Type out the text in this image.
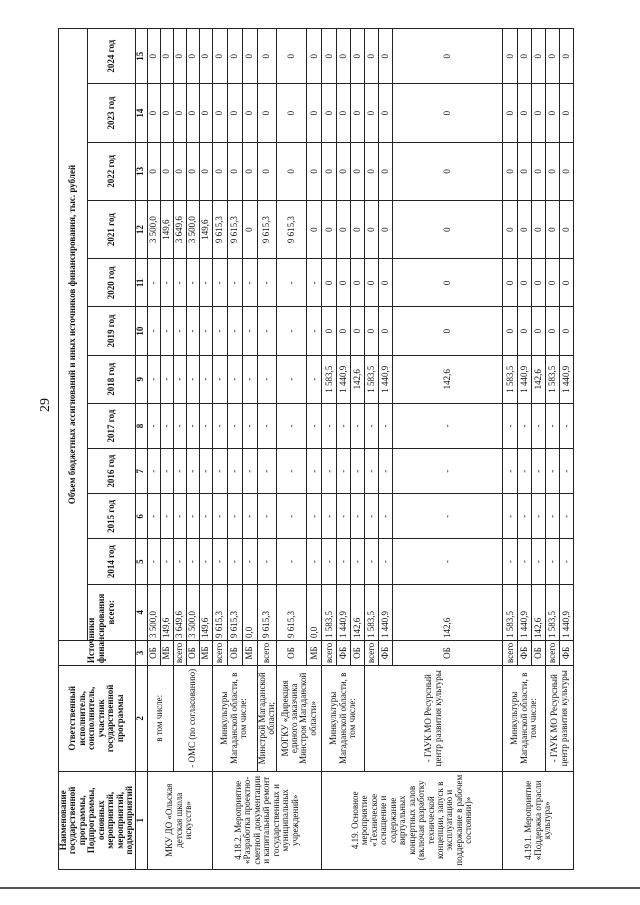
29
Наименование государственной программы, Подпрограммы, основных мероприятий, мероприятий, подмероприятий	Ответственный исполнитель, соисполнитель, участник государственной программы	Источники финансирования	Объем бюджетных ассигнований и иных источников финансирования, тыс. рублей											
			всего:	2014 год	2015 год	2016 год	2017 год	2018 год	2019 год	2020 год	2021 год	2022 год	2023 год	2024 год
1	2	3	4	5	6	7	8	9	10	11	12	13	14	15
МКУ ДО «Ольская детская школа искусств»	в том числе:	ОБ	3 500,0	-	-	-	-	-	-	-	3 500,0	0	0	0
		МБ	149,6	-	-	-	-	-	-	-	149,6	0	0	0
	- ОМС (по согласованию)	всего	3 649,6	-	-	-	-	-	-	-	3 649,6	0	0	0
		ОБ	3 500,0	-	-	-	-	-	-	-	3 500,0	0	0	0
		МБ	149,6	-	-	-	-	-	-	-	149,6	0	0	0
4.18.2. Мероприятие «Разработка проектно-сметной документации и капитальный ремонт государственных и муниципальных учреждений»	Минкультуры Магаданской области, в том числе:	всего	9 615,3	-	-	-	-	-	-	-	9 615,3	0	0	0
		ОБ	9 615,3	-	-	-	-	-	-	-	9 615,3	0	0	0
		МБ	0,0	-	-	-	-	-	-	-	0	0	0	0
	Минстрой Магаданской области;	всего	9 615,3	-	-	-	-	-	-	-	9 615,3	0	0	0
	МОГКУ «Дирекция единого заказчика Минстроя Магаданской области»	ОБ	9 615,3	-	-	-	-	-	-	-	9 615,3	0	0	0
		МБ	0,0	-	-	-	-	-	-	-	0	0	0	0
4.19. Основное мероприятие «Техническое оснащение и содержание виртуальных концертных залов (включая разработку технической концепции, запуск в эксплуатацию и поддержание в рабочем состоянии)»	Минкультуры Магаданской области, в том числе:	всего	1 583,5	-	-	-	-	1 583,5	0	0	0	0	0	0
		ФБ	1 440,9	-	-	-	-	1 440,9	0	0	0	0	0	0
		ОБ	142,6	-	-	-	-	142,6	0	0	0	0	0	0
	- ГАУК МО Ресурсный центр развития культуры	всего	1 583,5	-	-	-	-	1 583,5	0	0	0	0	0	0
		ФБ	1 440,9	-	-	-	-	1 440,9	0	0	0	0	0	0
		ОБ	142,6	-	-	-	-	142,6	0	0	0	0	0	0
4.19.1. Мероприятие «Поддержка отрасли культура»	Минкультуры Магаданской области, в том числе:	всего	1 583,5	-	-	-	-	1 583,5	0	0	0	0	0	0
		ФБ	1 440,9	-	-	-	-	1 440,9	0	0	0	0	0	0
		ОБ	142,6	-	-	-	-	142,6	0	0	0	0	0	0
	- ГАУК МО Ресурсный центр развития культуры	всего	1 583,5	-	-	-	-	1 583,5	0	0	0	0	0	0
		ФБ	1 440,9	-	-	-	-	1 440,9	0	0	0	0	0	0
